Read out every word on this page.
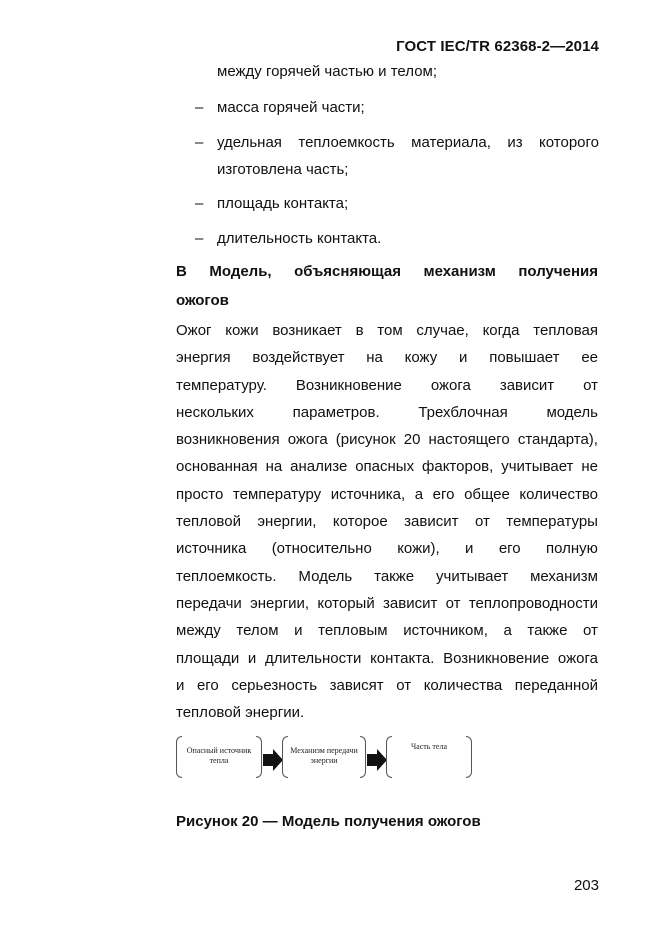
ГОСТ IEC/TR 62368-2—2014
между горячей частью и телом;
– масса горячей части;
– удельная теплоемкость материала, из которого изготовлена часть;
– площадь контакта;
– длительность контакта.
В Модель, объясняющая механизм получения
ожогов
Ожог кожи возникает в том случае, когда тепловая
энергия воздействует на кожу и повышает ее
температуру. Возникновение ожога зависит от
нескольких	параметров.	Трехблочная	модель
возникновения ожога (рисунок 20 настоящего стандарта),
основанная на анализе опасных факторов, учитывает не
просто температуру источника, а его общее количество
тепловой энергии, которое зависит от температуры
источника (относительно кожи), и его полную
теплоемкость. Модель также учитывает механизм
передачи энергии, который зависит от теплопроводности
между телом и тепловым источником, а также от
площади и длительности контакта. Возникновение ожога
и его серьезность зависят от количества переданной
тепловой энергии.
Опасный источник тепла
Механизм передачи энергии
Часть тела
Рисунок 20 — Модель получения ожогов
203
